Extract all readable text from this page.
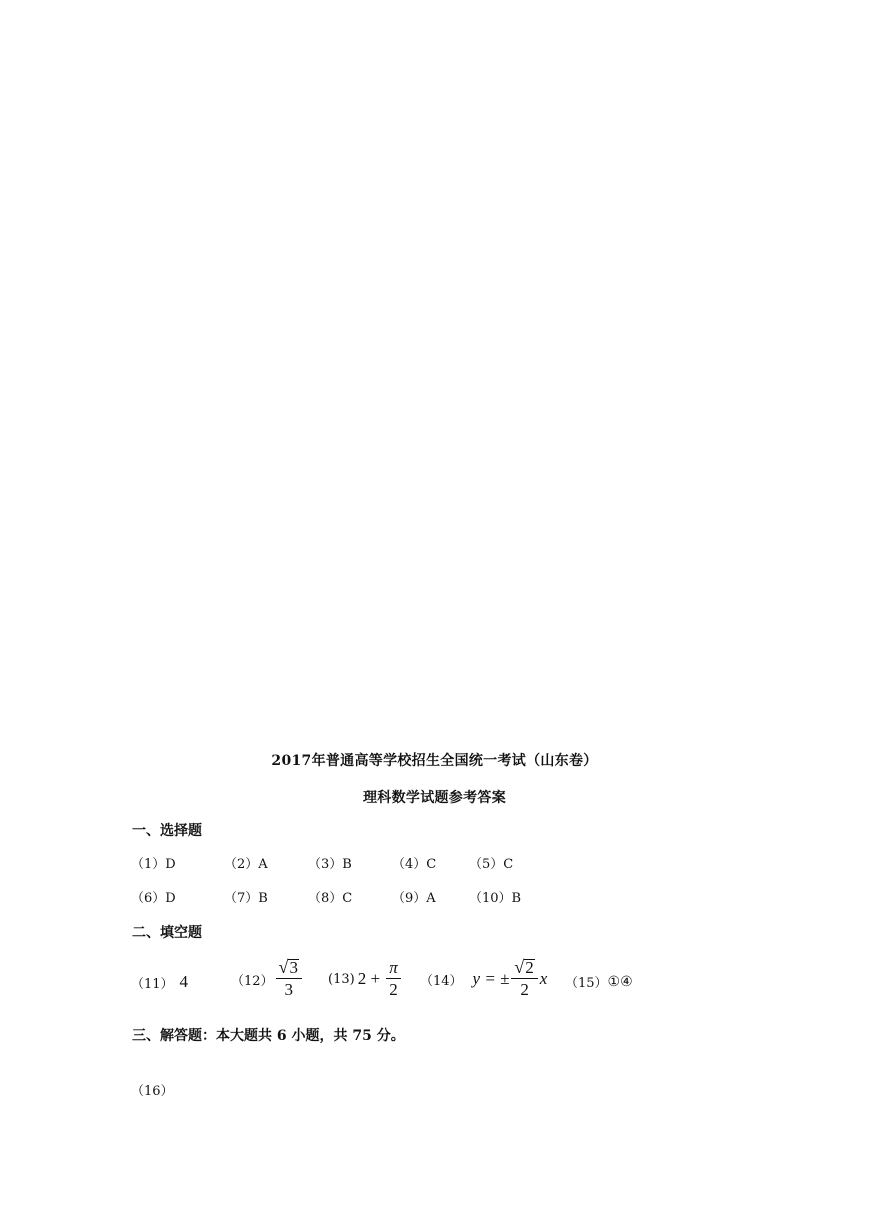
2017年普通高等学校招生全国统一考试（山东卷）
理科数学试题参考答案
一、选择题
（1）D	（2）A	（3）B	（4）C	（5）C
（6）D	（7）B	（8）C	（9）A	（10）B
二、填空题
（11） 4	$(12) \frac{√ 3}{3} (13) 2 + \frac{\pi}{2} (14) y$ = ± $\frac{√ 2}{2}$ x （15） ①④
三、解答题：本大题共 6 小题，共 75 分。
（16）
